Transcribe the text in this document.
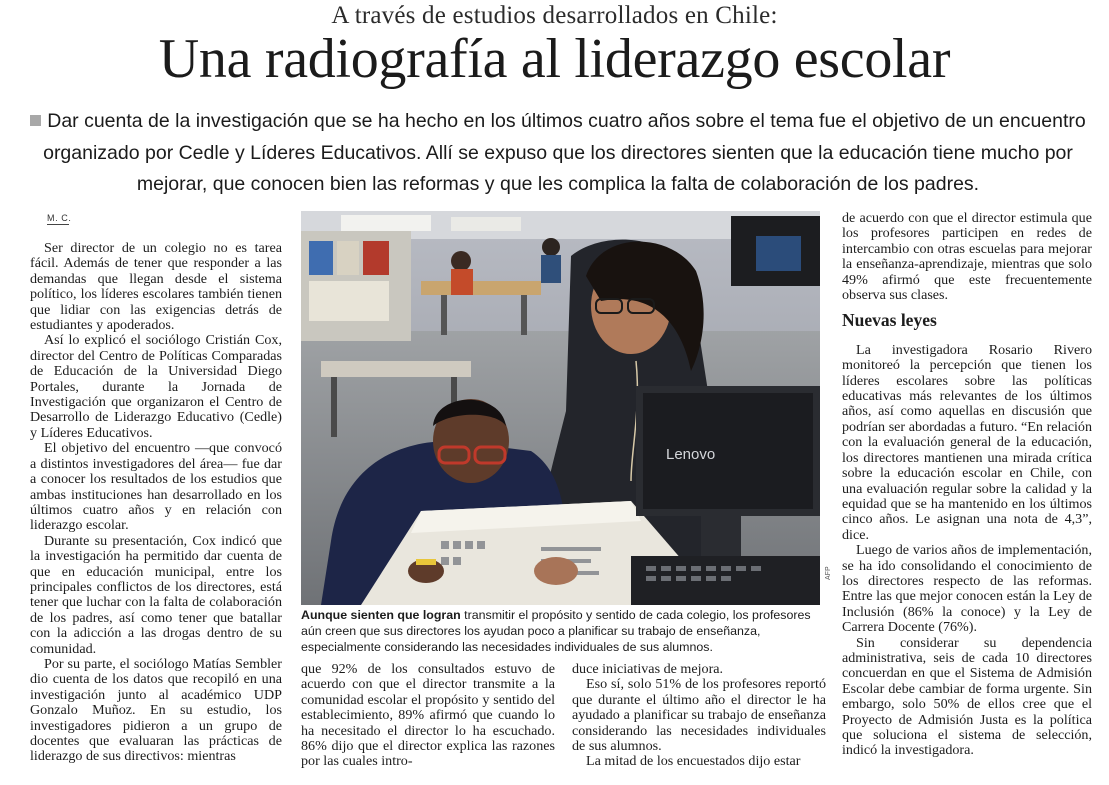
A través de estudios desarrollados en Chile:
Una radiografía al liderazgo escolar
Dar cuenta de la investigación que se ha hecho en los últimos cuatro años sobre el tema fue el objetivo de un encuentro organizado por Cedle y Líderes Educativos. Allí se expuso que los directores sienten que la educación tiene mucho por mejorar, que conocen bien las reformas y que les complica la falta de colaboración de los padres.
M. C.

Ser director de un colegio no es tarea fácil. Además de tener que responder a las demandas que llegan desde el sistema político, los líderes escolares también tienen que lidiar con las exigencias detrás de estudiantes y apoderados.

Así lo explicó el sociólogo Cristián Cox, director del Centro de Políticas Comparadas de Educación de la Universidad Diego Portales, durante la Jornada de Investigación que organizaron el Centro de Desarrollo de Liderazgo Educativo (Cedle) y Líderes Educativos.

El objetivo del encuentro —que convocó a distintos investigadores del área— fue dar a conocer los resultados de los estudios que ambas instituciones han desarrollado en los últimos cuatro años y en relación con liderazgo escolar.

Durante su presentación, Cox indicó que la investigación ha permitido dar cuenta de que en educación municipal, entre los principales conflictos de los directores, está tener que luchar con la falta de colaboración de los padres, así como tener que batallar con la adicción a las drogas dentro de su comunidad.

Por su parte, el sociólogo Matías Sembler dio cuenta de los datos que recopiló en una investigación junto al académico UDP Gonzalo Muñoz. En su estudio, los investigadores pidieron a un grupo de docentes que evaluaran las prácticas de liderazgo de sus directivos: mientras

Lenovo
AFP
Aunque sienten que logran transmitir el propósito y sentido de cada colegio, los profesores aún creen que sus directores los ayudan poco a planificar su trabajo de enseñanza, especialmente considerando las necesidades individuales de sus alumnos.

que 92% de los consultados estuvo de acuerdo con que el director transmite a la comunidad escolar el propósito y sentido del establecimiento, 89% afirmó que cuando lo ha necesitado el director lo ha escuchado. 86% dijo que el director explica las razones por las cuales intro-

duce iniciativas de mejora.

Eso sí, solo 51% de los profesores reportó que durante el último año el director le ha ayudado a planificar su trabajo de enseñanza considerando las necesidades individuales de sus alumnos.

La mitad de los encuestados dijo estar

de acuerdo con que el director estimula que los profesores participen en redes de intercambio con otras escuelas para mejorar la enseñanza-aprendizaje, mientras que solo 49% afirmó que este frecuentemente observa sus clases.

Nuevas leyes

La investigadora Rosario Rivero monitoreó la percepción que tienen los líderes escolares sobre las políticas educativas más relevantes de los últimos años, así como aquellas en discusión que podrían ser abordadas a futuro. “En relación con la evaluación general de la educación, los directores mantienen una mirada crítica sobre la educación escolar en Chile, con una evaluación regular sobre la calidad y la equidad que se ha mantenido en los últimos cinco años. Le asignan una nota de 4,3”, dice.

Luego de varios años de implementación, se ha ido consolidando el conocimiento de los directores respecto de las reformas. Entre las que mejor conocen están la Ley de Inclusión (86% la conoce) y la Ley de Carrera Docente (76%).

Sin considerar su dependencia administrativa, seis de cada 10 directores concuerdan en que el Sistema de Admisión Escolar debe cambiar de forma urgente. Sin embargo, solo 50% de ellos cree que el Proyecto de Admisión Justa es la política que soluciona el sistema de selección, indicó la investigadora.
